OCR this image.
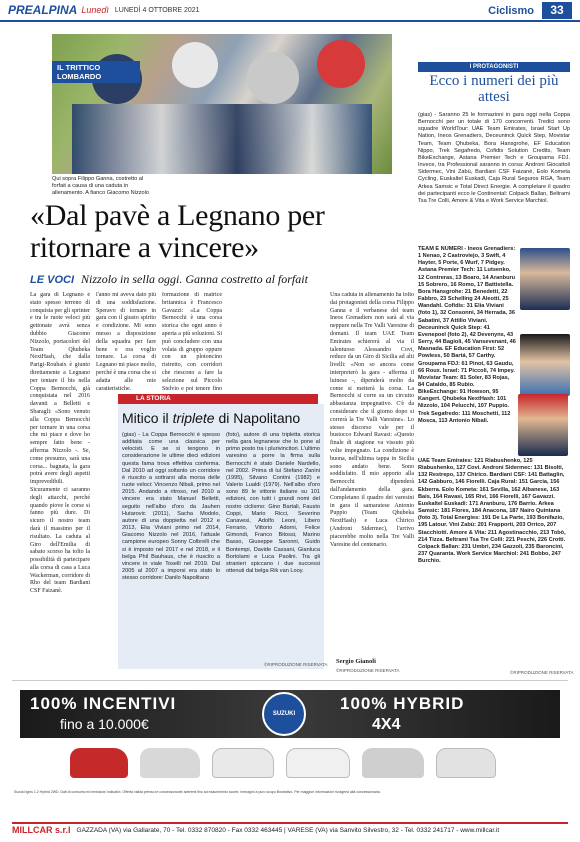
PREALPINA Lunedì LUNEDÌ 4 OTTOBRE 2021	Ciclismo	33
IL TRITTICO LOMBARDO
Qui sopra Filippo Ganna, costretto al forfait a causa di una caduta in allenamento. A fianco Giacomo Nizzolo
«Dal pavè a Legnano per ritornare a vincere»
LE VOCI Nizzolo in sella oggi. Ganna costretto al forfait
La gara di Legnano è stato spesso terreno di conquista per gli sprinter e tra le ruote veloci più gettonate avrà senza dubbio Giacomo Nizzolo, portacolori del Team Qhubeka NextHash, che dalla Parigi-Roubaix è giunto direttamente a Legnano per tentare il bis nella Coppa Bernocchi, già conquistata nel 2016 davanti a Belletti e Sbaragli: «Sono venuto alla Coppa Bernocchi per tornare in una corsa che mi piace e dove ho sempre fatto bene - afferma Nizzolo -. Se, come presumo, sarà una corsa... bagnata, la gara potrà avere degli aspetti imprevedibili. Sicuramente ci saranno degli attacchi, perché quando piove le corse si fanno più dure. Di sicuro il nostro team darà il massimo per il risultato. La caduta al Giro dell'Emilia di sabato scorso ha tolto la possibilità di partecipare alla corsa di casa a Luca Wackerman, corridore di Rho del team Bardiani CSF Faizanè.
l'anno mi aveva dato più di una soddisfazione. Speravo di tornare in gara con il giusto spirito e condizione. Mi sono messo a disposizione della squadra per fare bene e ora voglio tornare. La corsa di Legnano mi piace molto, perché è una corsa che si adatta alle mie caratteristiche.
formazione di matrice britannica è Francesco Gavazzi: «La Coppa Bernocchi è una corsa storica che ogni anno è aperta a più soluzioni. Si può concludere con una volata di gruppo oppure con un plotoncino ristretto, con corridori che riescono a fare la selezione sul Piccolo Stelvio e poi tenere fino
Una caduta in allenamento ha tolto dai protagonisti della corsa Filippo Ganna e il verbanese del team Ineos Grenadiers non sarà al via neppure nella Tre Valli Varesine di domani. Il team UAE Team Emirates schiererà al via il talentuoso Alessandro Covi, reduce da un Giro di Sicilia ad alti livelli: «Non so ancora come interpreterò la gara - afferma il luinese -, dipenderà molto da come si metterà la corsa. La Bernocchi si corre su un circuito abbastanza impegnativo. C'è da considerare che il giorno dopo si correrà la Tre Valli Varesine». Lo stesso discorso vale per il bustocco Edward Ravasi: «Questo finale di stagione va vissuto più volte impegnato. La condizione è buona, nell'ultima tappa in Sicilia sono andato bene. Sono soddisfatto. Il mio apporto alla Bernocchi dipenderà dall'andamento della gara. Completano il quadro dei varesini in gara il samaratese Antonio Puppio (Team Qhubeka NextHash) e Luca Chirico (Androni Sidermec), l'arrivo piacerebbe molto nella Tre Valli Varesine del centenario.
Sergio Gianoli
©RIPRODUZIONE RISERVATA
LA STORIA
Mitico il triplete di Napolitano
(gias) - La Coppa Bernocchi è spesso additata come una classica per velocisti. E se si tengono in considerazione le ultime dieci edizioni questa fama trova effettiva conferma. Dal 2010 ad oggi soltanto un corridore è riuscito a sottrarsi alla morsa delle ruote veloci: Vincenzo Nibali, primo nel 2015. Andando a ritroso, nel 2010 a vincere era stato Manuel Belletti, seguito nell'albo d'oro da Jauhen Hutarovic (2011), Sacha Modolo, autore di una doppietta nel 2012 e 2013, Elia Viviani primo nel 2014, Giacomo Nizzolo nel 2016, l'attuale campione europeo Sonny Colbrelli che si è imposto nel 2017 e nel 2018, e il belga Phil Bauhaus, che è riuscito a vincere in viale Toselli nel 2019. Dal 2005 al 2007 a imporsi era stato lo stesso corridore: Danilo Napolitano
(foto), autore di una tripletta storica nella gara legnanese che lo pone al primo posto tra i plurivincitori. L'ultimo varesino a porre la firma sulla Bernocchi è stato Daniele Nardello, nel 2002. Prima di lui Stefano Zanini (1995), Silvano Contini (1982) e Valerio Lualdi (1979). Nell'albo d'oro sono 89 le vittorie italiane su 101 edizioni, con tutti i grandi nomi del nostro ciclismo: Gino Bartali, Fausto Coppi, Mario Ricci, Severino Canavesi, Adolfo Leoni, Libero Ferrario, Vittorio Adorni, Felice Gimondi, Franco Bitossi, Marino Basso, Giuseppe Saronni, Guido Bontempi, Davide Cassani, Gianluca Bortolami e Luca Paolini. Tra gli stranieri spiccano i due successi ottenuti dal belga Rik van Looy.
©RIPRODUZIONE RISERVATA
I PROTAGONISTI
Ecco i numeri dei più attesi
(gias) - Saranno 25 le formazioni in gara oggi nella Coppa Bernocchi per un totale di 170 concorrenti. Tredici sono squadre WorldTour: UAE Team Emirates, Israel Start Up Nation, Ineos Grenadiers, Deceuninck Quick Step, Movistar Team, Team Qhubeka, Bora Hansgrohe, EF Education Nippo, Trek Segafredo, Cofidis Solution Credits, Team BikeExchange, Astana Premier Tech e Groupama FDJ. Invece, tra Professional saranno in corsa: Androni Giocattoli Sidermec, Vini Zabù, Bardiani CSF Faizanè, Eolo Kometa Cycling, Euskaltel Euskadi, Caja Rural Seguros RGA, Team Arkea Samsic e Total Direct Energie. A completare il quadro dei partecipanti ecco le Continental: Colpack Ballan, Beltrami Tsa Tre Colli, Amore & Vita e Work Service Marchiol.
TEAM E NUMERI - Ineos Grenadiers: 1 Nenao, 2 Castroviejo, 3 Swift, 4 Hayter, 5 Porte, 6 Wurf, 7 Pidgey. Astana Premier Tech: 11 Lutsenko, 12 Contreras, 13 Boaro, 14 Aranburu 15 Sobrero, 16 Romo, 17 Battistella. Bora Hansgrohe: 21 Benedetti, 22 Fabbro, 23 Schelling 24 Aleotti, 25 Wandahl. Cofidis: 31 Elia Viviani (foto 1), 32 Consonni, 34 Herrada, 36 Sabatini, 37 Attilio Viviani. Deceuninck Quick Step: 41 Evenepoel (foto 2), 42 Devenyns, 43 Serry, 44 Bagioli, 45 Vansevenant, 46 Masnada. EF Education First: 52 Powless, 50 Bartá, 57 Carthy. Groupama FDJ: 61 Pinot, 63 Gaudu, 66 Roux. Israel: 71 Piccoli, 74 Impey. Movistar Team: 81 Soler, 83 Rojas, 84 Cataldo, 85 Rubio. BikeExchange: 91 Howson, 95 Kangert. Qhubeka NextHash: 101 Nizzolo, 104 Pelucchi, 107 Puppio. Trek Segafredo: 111 Moschetti, 112 Mosca, 113 Antonio Nibali.
UAE Team Emirates: 121 Riabushenko, 125 Riabushenko, 127 Covi. Androni Sidermec: 131 Bisolti, 132 Restrepo, 137 Chirico. Bardiani CSF: 141 Battaglin, 142 Gabburo, 146 Fiorelli. Caja Rural: 151 Garcia, 156 Ekberra. Eolo Kometa: 161 Sevilla, 162 Albanese, 163 Bais, 164 Ravasi, 165 Rivi, 166 Fiorelli, 167 Gavazzi. Euskaltel Euskadi: 171 Aranburu, 176 Barrio. Arkea Samsic: 181 Flores, 184 Anacona, 187 Nairo Quintana (foto 3). Total Energies: 191 De La Parte, 193 Bonifazio, 195 Latour. Vini Zabù: 201 Frapporti, 203 Orrico, 207 Stacchiotti. Amore & Vita: 211 Agostinacchio, 213 Tobò, 214 Tizza. Beltrami Tsa Tre Colli: 221 Peschi, 226 Crotti. Colpack Ballan: 231 Umbri, 234 Gazzoli, 235 Baroncini, 237 Quaranta. Work Service Marchiol: 241 Bobbo, 247 Burchio.
©RIPRODUZIONE RISERVATA
100% INCENTIVI
fino a 10.000€
SUZUKI
100% HYBRID
4X4
Suzuki Ignis 1.2 Hybrid 2WD. Dati di consumo ed emissioni indicativi. Offerta valida presso le concessionarie aderenti fino ad esaurimento scorte. Immagini a puro scopo illustrativo. Per maggiori informazioni rivolgersi alla concessionaria.
MILLCAR s.r.l GAZZADA (VA) via Gallarate, 70 - Tel. 0332 870820 - Fax 0332 463445 | VARESE (VA) via Sanvito Silvestro, 32 - Tel. 0332 241717 - www.millcar.it
